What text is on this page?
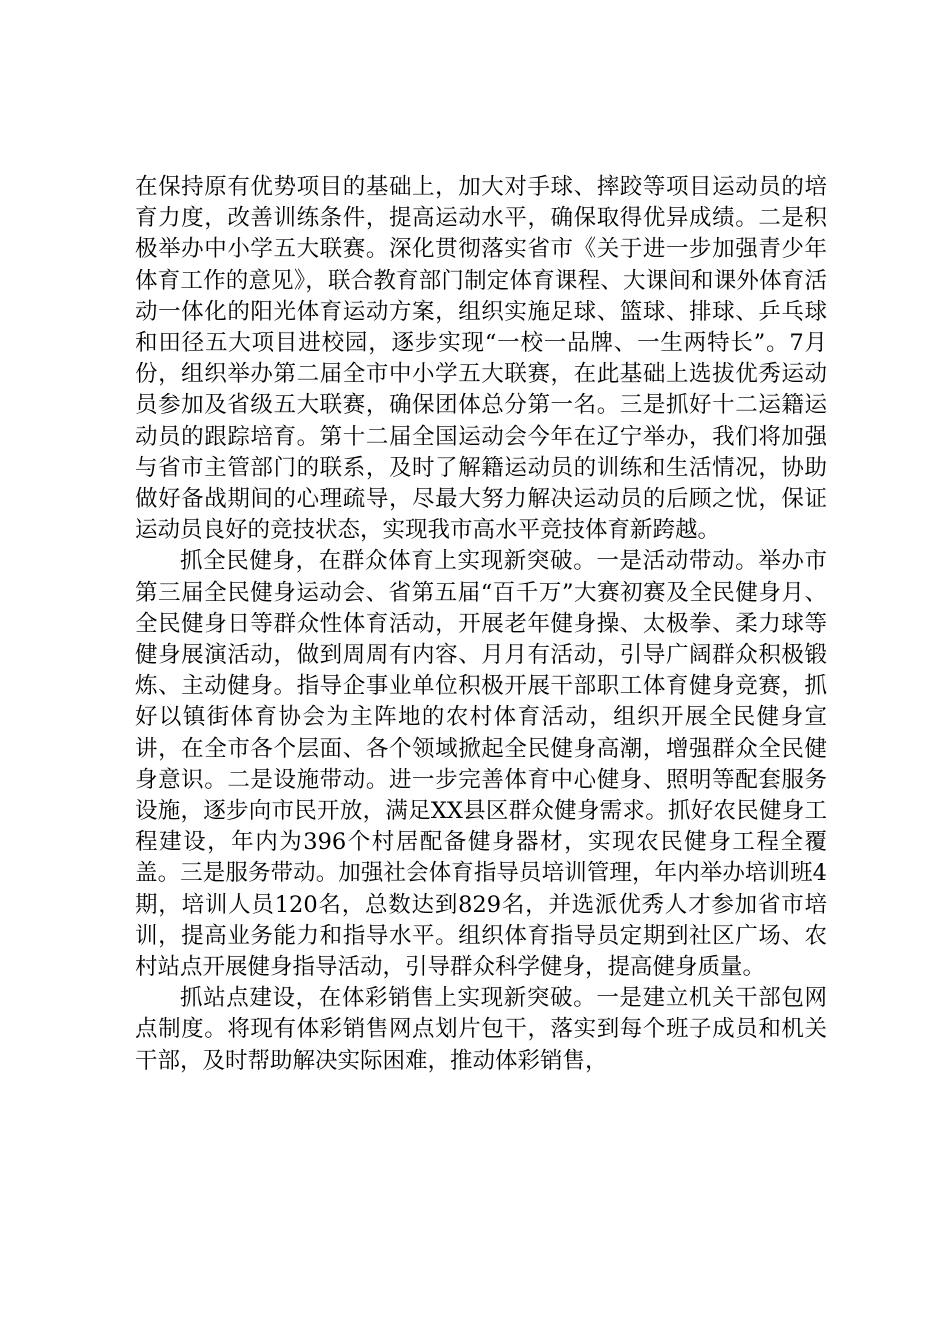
在保持原有优势项目的基础上，加大对手球、摔跤等项目运动员的培育力度，改善训练条件，提高运动水平，确保取得优异成绩。二是积极举办中小学五大联赛。深化贯彻落实省市《关于进一步加强青少年体育工作的意见》，联合教育部门制定体育课程、大课间和课外体育活动一体化的阳光体育运动方案，组织实施足球、篮球、排球、乒乓球和田径五大项目进校园，逐步实现“一校一品牌、一生两特长”。7月份，组织举办第二届全市中小学五大联赛，在此基础上选拔优秀运动员参加及省级五大联赛，确保团体总分第一名。三是抓好十二运籍运动员的跟踪培育。第十二届全国运动会今年在辽宁举办，我们将加强与省市主管部门的联系，及时了解籍运动员的训练和生活情况，协助做好备战期间的心理疏导，尽最大努力解决运动员的后顾之忧，保证运动员良好的竞技状态，实现我市高水平竞技体育新跨越。

抓全民健身，在群众体育上实现新突破。一是活动带动。举办市第三届全民健身运动会、省第五届“百千万”大赛初赛及全民健身月、全民健身日等群众性体育活动，开展老年健身操、太极拳、柔力球等健身展演活动，做到周周有内容、月月有活动，引导广阔群众积极锻炼、主动健身。指导企事业单位积极开展干部职工体育健身竞赛，抓好以镇街体育协会为主阵地的农村体育活动，组织开展全民健身宣讲，在全市各个层面、各个领域掀起全民健身高潮，增强群众全民健身意识。二是设施带动。进一步完善体育中心健身、照明等配套服务设施，逐步向市民开放，满足XX县区群众健身需求。抓好农民健身工程建设，年内为396个村居配备健身器材，实现农民健身工程全覆盖。三是服务带动。加强社会体育指导员培训管理，年内举办培训班4期，培训人员120名，总数达到829名，并选派优秀人才参加省市培训，提高业务能力和指导水平。组织体育指导员定期到社区广场、农村站点开展健身指导活动，引导群众科学健身，提高健身质量。

抓站点建设，在体彩销售上实现新突破。一是建立机关干部包网点制度。将现有体彩销售网点划片包干，落实到每个班子成员和机关干部，及时帮助解决实际困难，推动体彩销售，
